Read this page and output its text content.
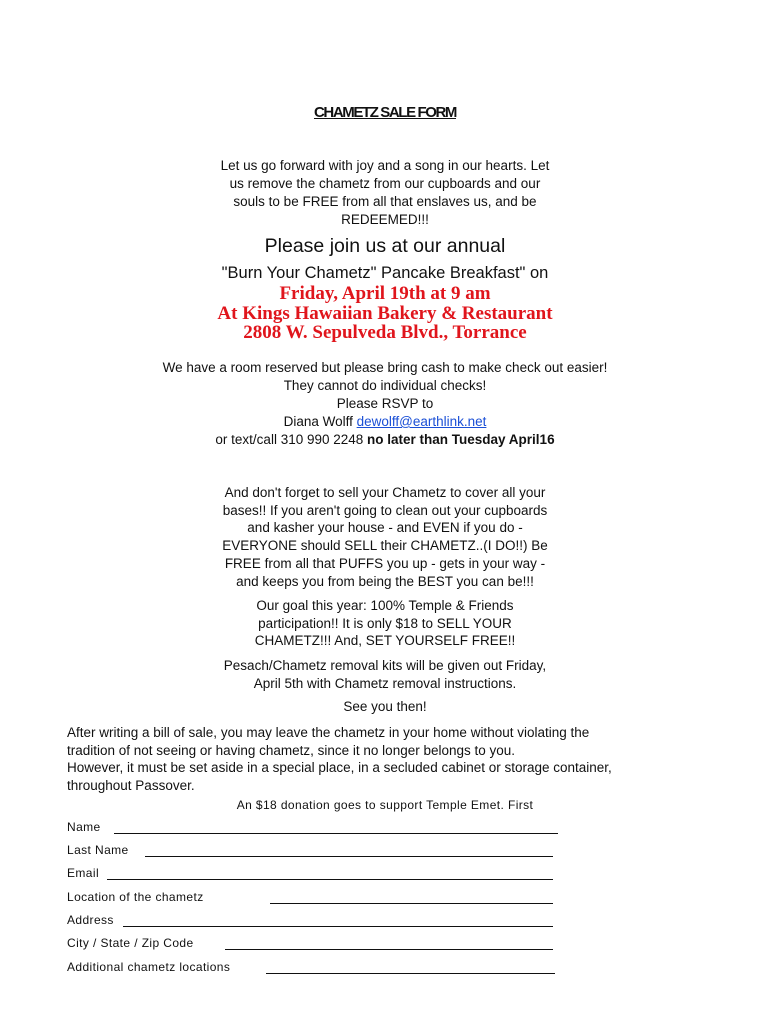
CHAMETZ SALE FORM
Let us go forward with joy and a song in our hearts. Let
us remove the chametz from our cupboards and our
souls to be FREE from all that enslaves us, and be
REDEEMED!!!
Please join us at our annual
"Burn Your Chametz" Pancake Breakfast" on
Friday, April 19th at 9 am
At Kings Hawaiian Bakery & Restaurant
2808 W. Sepulveda Blvd., Torrance
We have a room reserved but please bring cash to make check out easier!
They cannot do individual checks!
Please RSVP to
Diana Wolff dewolff@earthlink.net
or text/call 310 990 2248 no later than Tuesday April16
And don't forget to sell your Chametz to cover all your
bases!! If you aren't going to clean out your cupboards
and kasher your house - and EVEN if you do -
EVERYONE should SELL their CHAMETZ..(I DO!!) Be
FREE from all that PUFFS you up - gets in your way -
and keeps you from being the BEST you can be!!!
Our goal this year: 100% Temple & Friends
participation!! It is only $18 to SELL YOUR
CHAMETZ!!! And, SET YOURSELF FREE!!
Pesach/Chametz removal kits will be given out Friday,
April 5th with Chametz removal instructions.
See you then!
After writing a bill of sale, you may leave the chametz in your home without violating the
tradition of not seeing or having chametz, since it no longer belongs to you.
However, it must be set aside in a special place, in a secluded cabinet or storage container,
throughout Passover.
An $18 donation goes to support Temple Emet. First
Name
Last Name
Email
Location of the chametz
Address
City / State / Zip Code
Additional chametz locations
